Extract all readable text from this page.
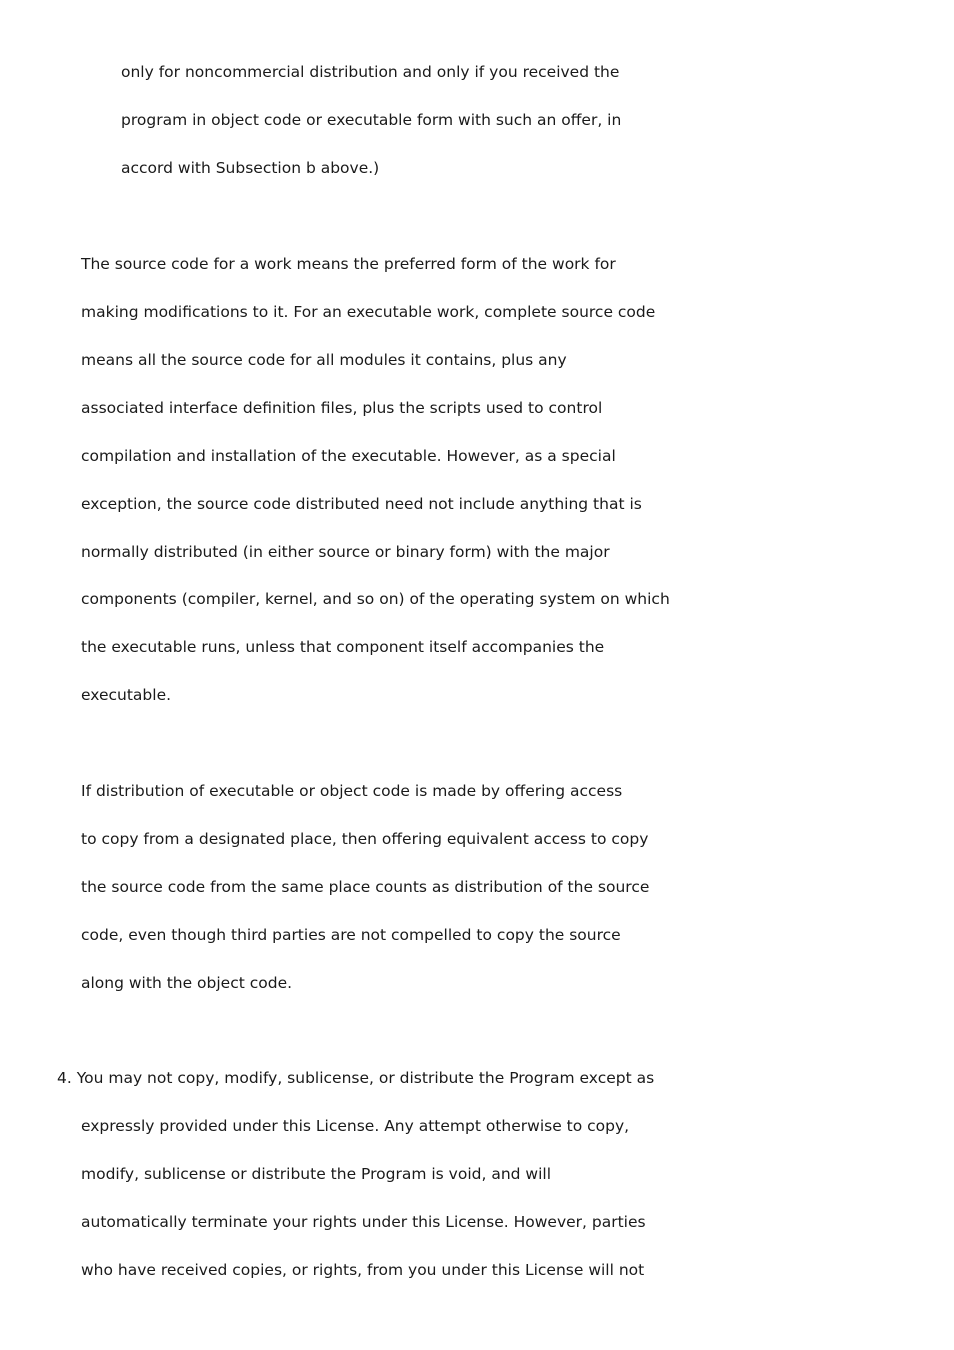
only for noncommercial distribution and only if you received the
program in object code or executable form with such an offer, in
accord with Subsection b above.)
The source code for a work means the preferred form of the work for
making modifications to it. For an executable work, complete source code
means all the source code for all modules it contains, plus any
associated interface definition files, plus the scripts used to control
compilation and installation of the executable. However, as a special
exception, the source code distributed need not include anything that is
normally distributed (in either source or binary form) with the major
components (compiler, kernel, and so on) of the operating system on which
the executable runs, unless that component itself accompanies the
executable.
If distribution of executable or object code is made by offering access
to copy from a designated place, then offering equivalent access to copy
the source code from the same place counts as distribution of the source
code, even though third parties are not compelled to copy the source
along with the object code.
4. You may not copy, modify, sublicense, or distribute the Program except as
expressly provided under this License. Any attempt otherwise to copy,
modify, sublicense or distribute the Program is void, and will
automatically terminate your rights under this License. However, parties
who have received copies, or rights, from you under this License will not
